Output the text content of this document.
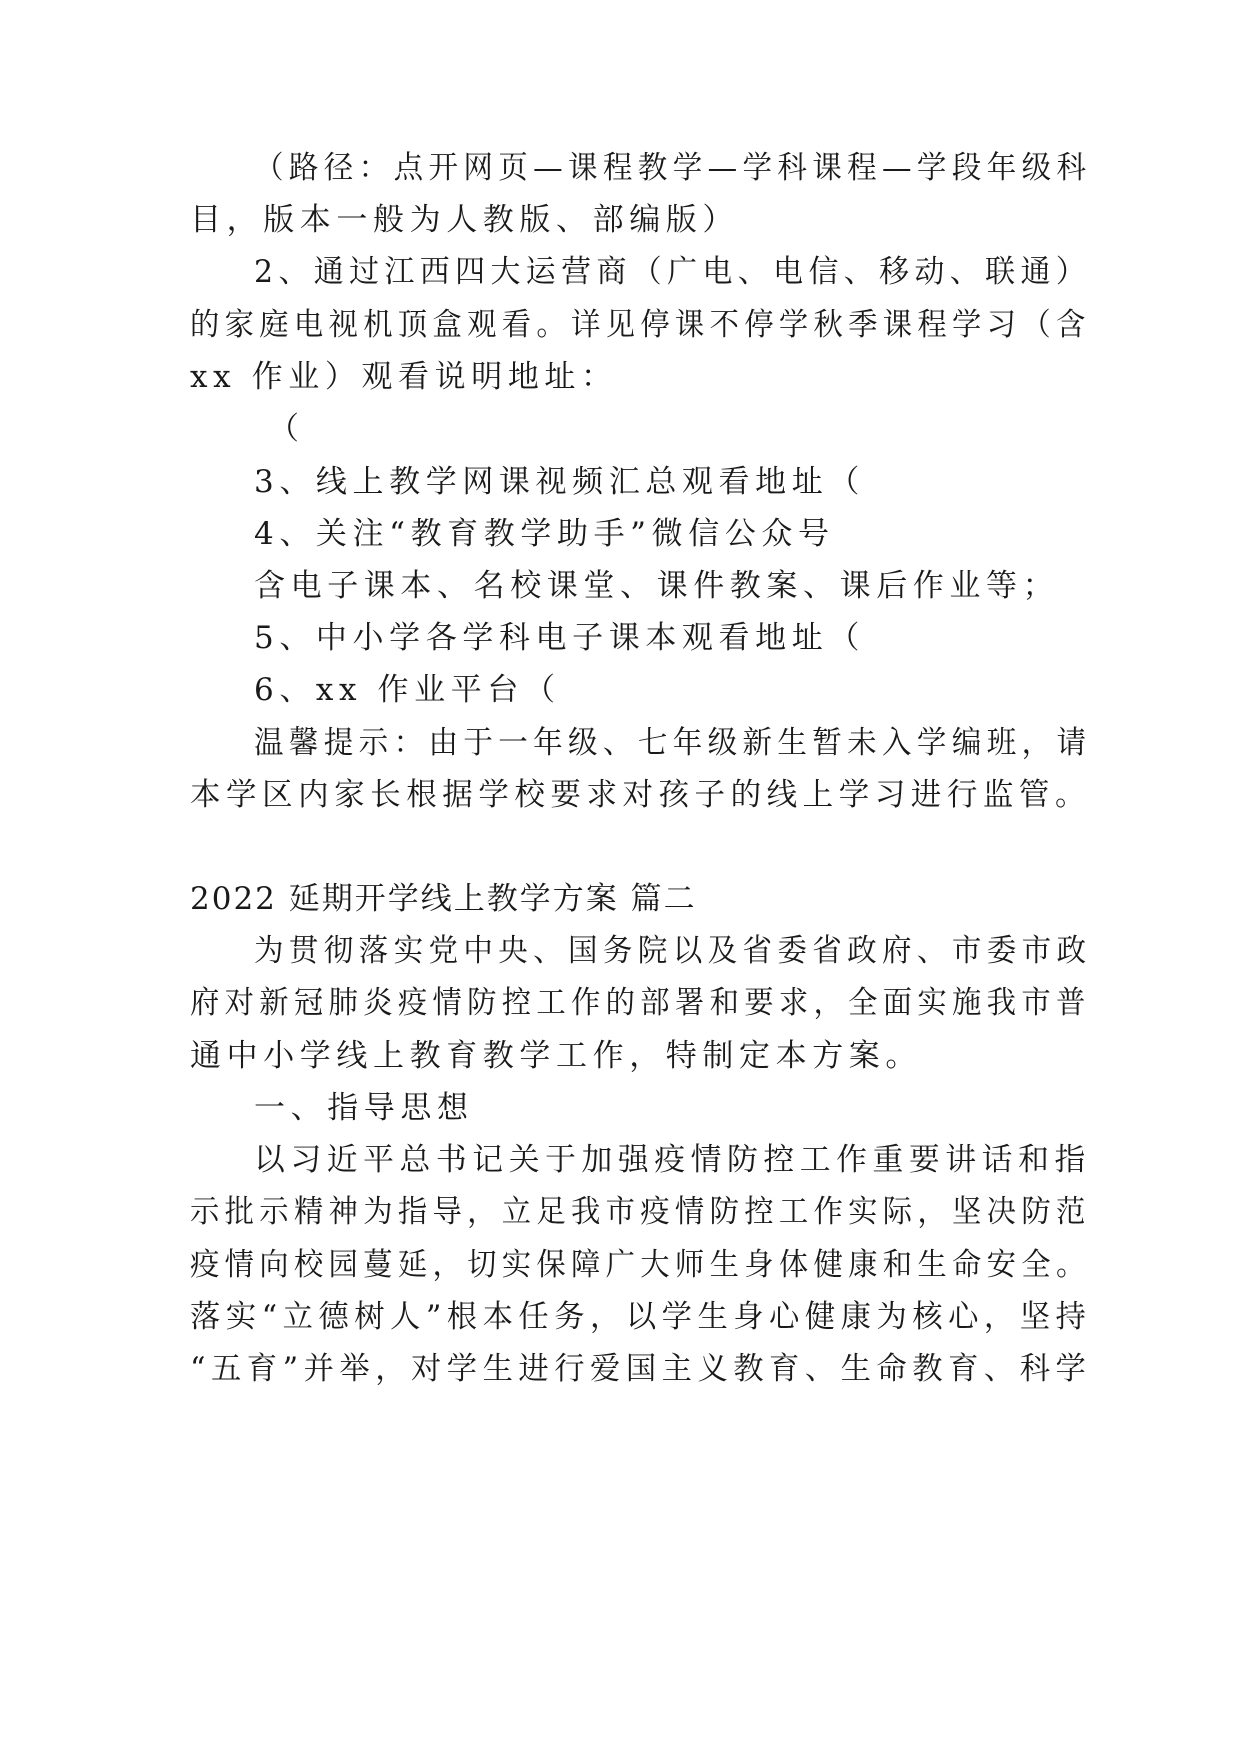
（路径：点开网页—课程教学—学科课程—学段年级科
目，版本一般为人教版、部编版）
2、通过江西四大运营商（广电、电信、移动、联通）
的家庭电视机顶盒观看。详见停课不停学秋季课程学习（含
xx 作业）观看说明地址：
（
3、线上教学网课视频汇总观看地址（
4、关注“教育教学助手”微信公众号
含电子课本、名校课堂、课件教案、课后作业等；
5、中小学各学科电子课本观看地址（
6、xx 作业平台（
温馨提示：由于一年级、七年级新生暂未入学编班，请
本学区内家长根据学校要求对孩子的线上学习进行监管。
2022 延期开学线上教学方案 篇二
为贯彻落实党中央、国务院以及省委省政府、市委市政
府对新冠肺炎疫情防控工作的部署和要求，全面实施我市普
通中小学线上教育教学工作，特制定本方案。
一、指导思想
以习近平总书记关于加强疫情防控工作重要讲话和指
示批示精神为指导，立足我市疫情防控工作实际，坚决防范
疫情向校园蔓延，切实保障广大师生身体健康和生命安全。
落实“立德树人”根本任务，以学生身心健康为核心，坚持
“五育”并举，对学生进行爱国主义教育、生命教育、科学
